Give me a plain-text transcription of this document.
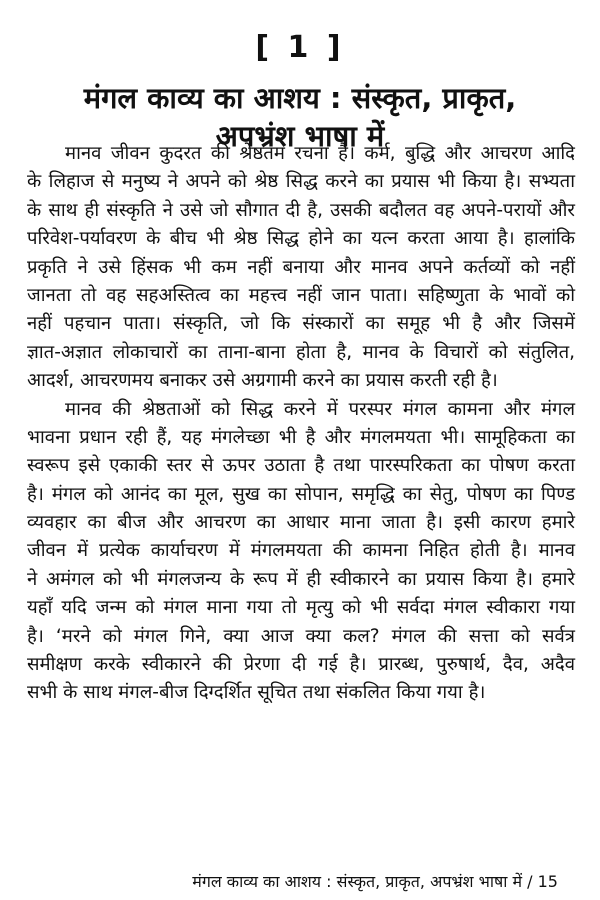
[ 1 ]
मंगल काव्य का आशय : संस्कृत, प्राकृत,
अपभ्रंश भाषा में
मानव जीवन कुदरत की श्रेष्ठतम रचना है। कर्म, बुद्धि और आचरण आदि
के लिहाज से मनुष्य ने अपने को श्रेष्ठ सिद्ध करने का प्रयास भी किया है। सभ्यता
के साथ ही संस्कृति ने उसे जो सौगात दी है, उसकी बदौलत वह अपने-परायों और
परिवेश-पर्यावरण के बीच भी श्रेष्ठ सिद्ध होने का यत्न करता आया है। हालांकि
प्रकृति ने उसे हिंसक भी कम नहीं बनाया और मानव अपने कर्तव्यों को नहीं
जानता तो वह सहअस्तित्व का महत्त्व नहीं जान पाता। सहिष्णुता के भावों को
नहीं पहचान पाता। संस्कृति, जो कि संस्कारों का समूह भी है और जिसमें
ज्ञात-अज्ञात लोकाचारों का ताना-बाना होता है, मानव के विचारों को संतुलित,
आदर्श, आचरणमय बनाकर उसे अग्रगामी करने का प्रयास करती रही है।
मानव की श्रेष्ठताओं को सिद्ध करने में परस्पर मंगल कामना और मंगल
भावना प्रधान रही हैं, यह मंगलेच्छा भी है और मंगलमयता भी। सामूहिकता का
स्वरूप इसे एकाकी स्तर से ऊपर उठाता है तथा पारस्परिकता का पोषण करता
है। मंगल को आनंद का मूल, सुख का सोपान, समृद्धि का सेतु, पोषण का पिण्ड
व्यवहार का बीज और आचरण का आधार माना जाता है। इसी कारण हमारे
जीवन में प्रत्येक कार्याचरण में मंगलमयता की कामना निहित होती है। मानव
ने अमंगल को भी मंगलजन्य के रूप में ही स्वीकारने का प्रयास किया है। हमारे
यहाँ यदि जन्म को मंगल माना गया तो मृत्यु को भी सर्वदा मंगल स्वीकारा गया
है। ‘मरने को मंगल गिने, क्या आज क्या कल? मंगल की सत्ता को सर्वत्र
समीक्षण करके स्वीकारने की प्रेरणा दी गई है। प्रारब्ध, पुरुषार्थ, दैव, अदैव
सभी के साथ मंगल-बीज दिग्दर्शित सूचित तथा संकलित किया गया है।
मंगल काव्य का आशय : संस्कृत, प्राकृत, अपभ्रंश भाषा में / 15
